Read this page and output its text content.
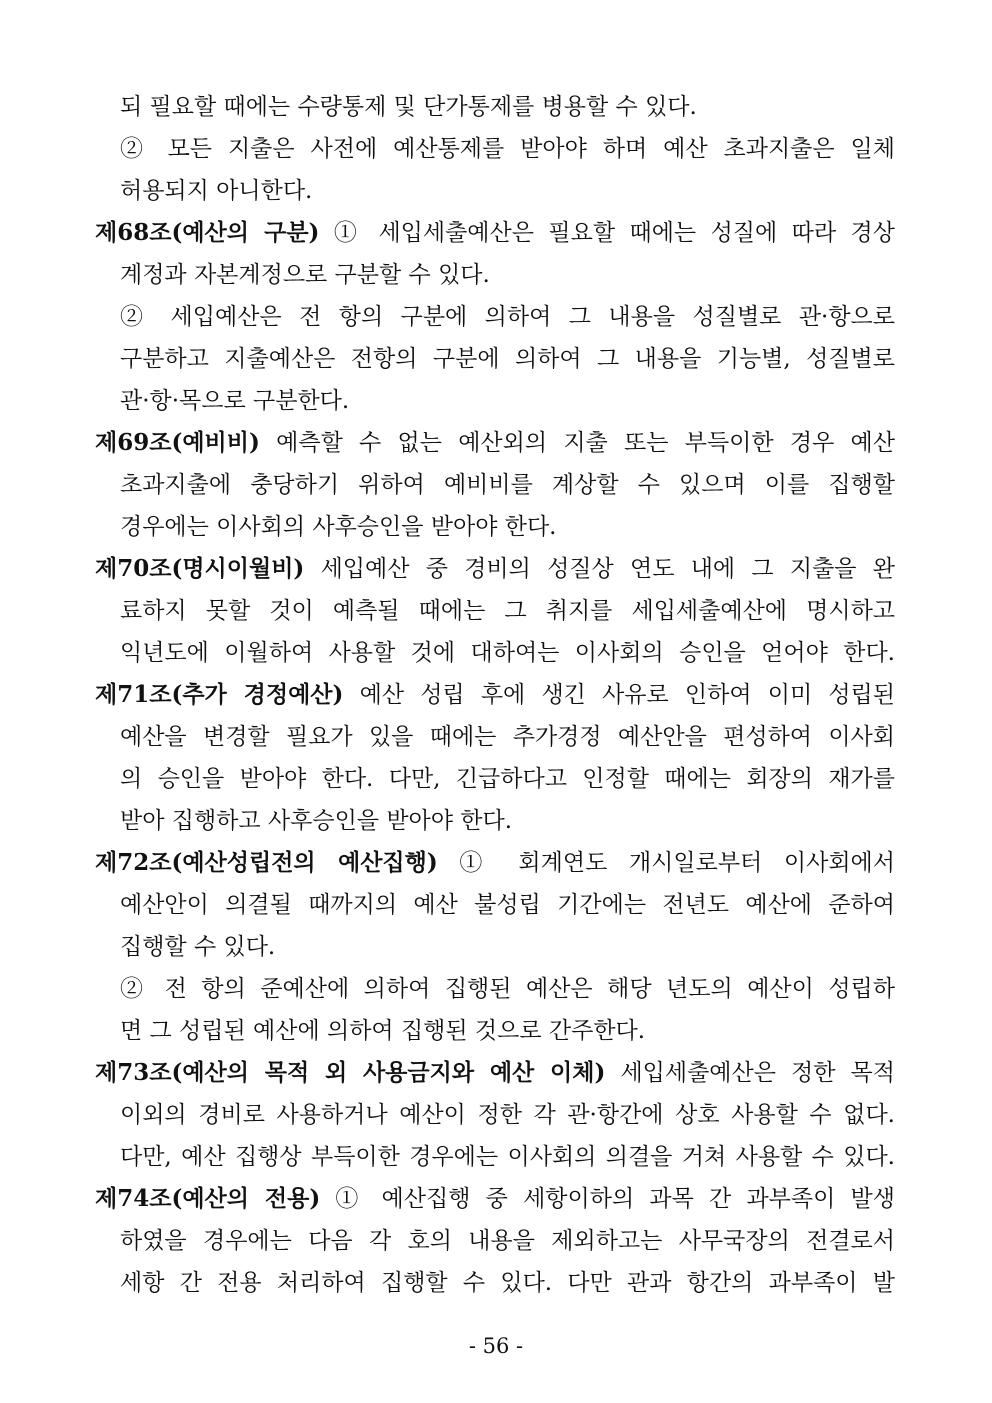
되 필요할 때에는 수량통제 및 단가통제를 병용할 수 있다.
② 모든 지출은 사전에 예산통제를 받아야 하며 예산 초과지출은 일체
허용되지 아니한다.
제68조(예산의 구분) ① 세입세출예산은 필요할 때에는 성질에 따라 경상
계정과 자본계정으로 구분할 수 있다.
② 세입예산은 전 항의 구분에 의하여 그 내용을 성질별로 관·항으로
구분하고 지출예산은 전항의 구분에 의하여 그 내용을 기능별, 성질별로
관·항·목으로 구분한다.
제69조(예비비) 예측할 수 없는 예산외의 지출 또는 부득이한 경우 예산
초과지출에 충당하기 위하여 예비비를 계상할 수 있으며 이를 집행할
경우에는 이사회의 사후승인을 받아야 한다.
제70조(명시이월비) 세입예산 중 경비의 성질상 연도 내에 그 지출을 완
료하지 못할 것이 예측될 때에는 그 취지를 세입세출예산에 명시하고
익년도에 이월하여 사용할 것에 대하여는 이사회의 승인을 얻어야 한다.
제71조(추가 경정예산) 예산 성립 후에 생긴 사유로 인하여 이미 성립된
예산을 변경할 필요가 있을 때에는 추가경정 예산안을 편성하여 이사회
의 승인을 받아야 한다. 다만, 긴급하다고 인정할 때에는 회장의 재가를
받아 집행하고 사후승인을 받아야 한다.
제72조(예산성립전의 예산집행) ① 회계연도 개시일로부터 이사회에서
예산안이 의결될 때까지의 예산 불성립 기간에는 전년도 예산에 준하여
집행할 수 있다.
② 전 항의 준예산에 의하여 집행된 예산은 해당 년도의 예산이 성립하
면 그 성립된 예산에 의하여 집행된 것으로 간주한다.
제73조(예산의 목적 외 사용금지와 예산 이체) 세입세출예산은 정한 목적
이외의 경비로 사용하거나 예산이 정한 각 관·항간에 상호 사용할 수 없다.
다만, 예산 집행상 부득이한 경우에는 이사회의 의결을 거쳐 사용할 수 있다.
제74조(예산의 전용) ① 예산집행 중 세항이하의 과목 간 과부족이 발생
하였을 경우에는 다음 각 호의 내용을 제외하고는 사무국장의 전결로서
세항 간 전용 처리하여 집행할 수 있다. 다만 관과 항간의 과부족이 발
- 56 -
